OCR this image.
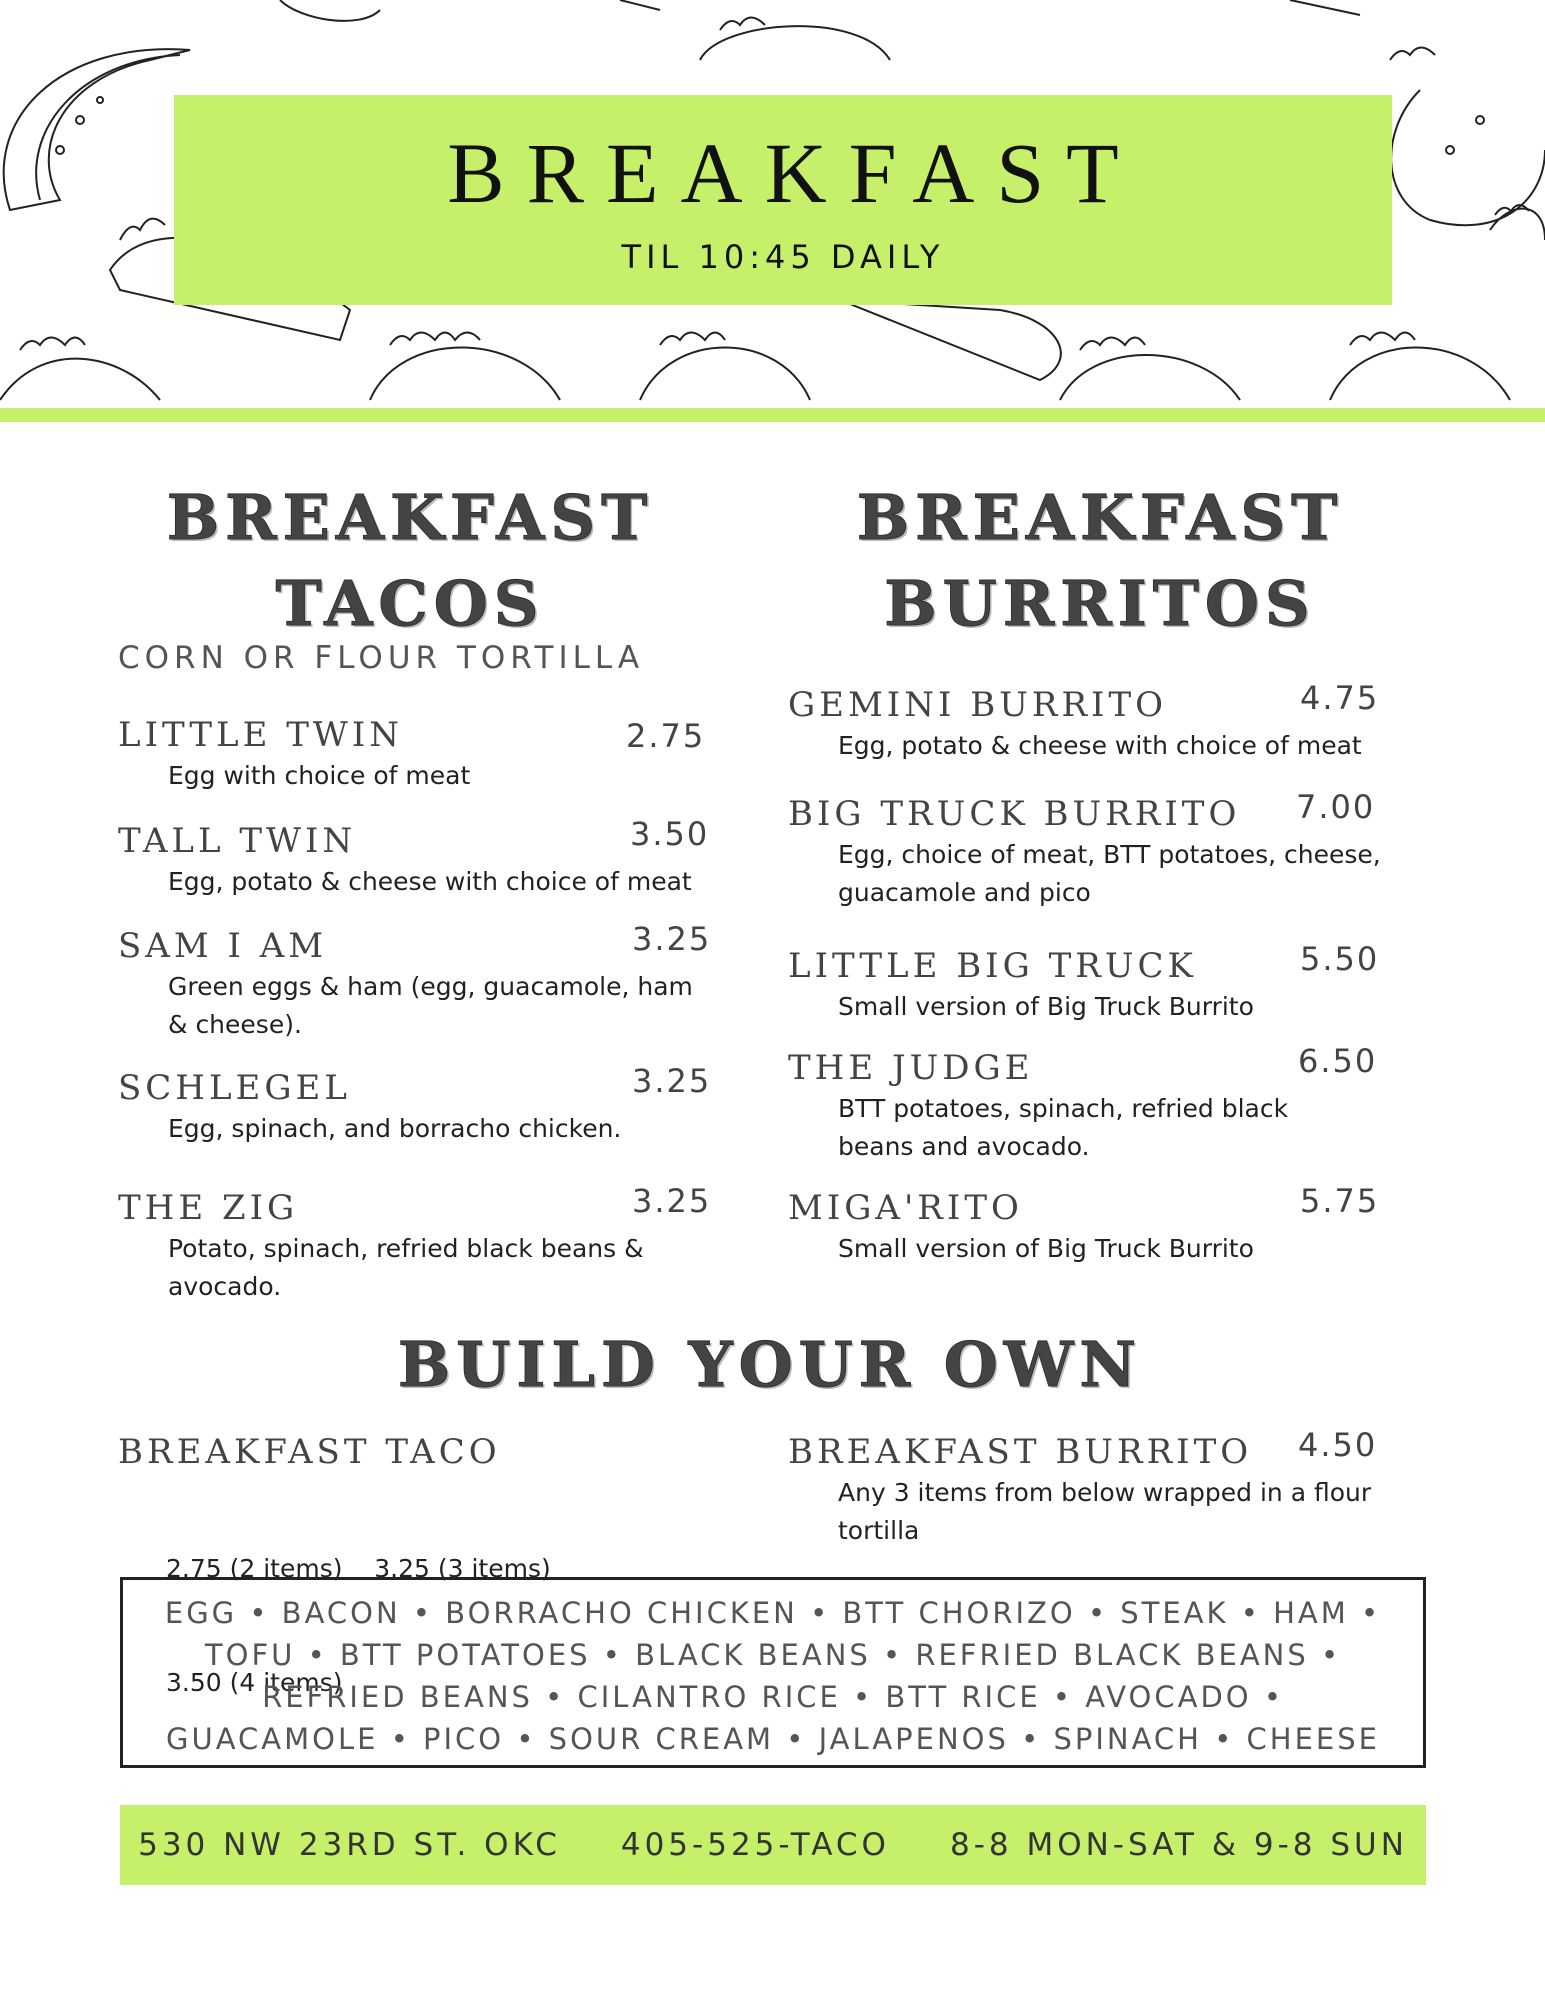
BREAKFAST
TIL 10:45 DAILY
BREAKFAST
TACOS
CORN OR FLOUR TORTILLA
BREAKFAST
BURRITOS
LITTLE TWIN	2.75
Egg with choice of meat
TALL TWIN	3.50
Egg, potato & cheese with choice of meat
SAM I AM	3.25
Green eggs & ham (egg, guacamole, ham
& cheese).
SCHLEGEL	3.25
Egg, spinach, and borracho chicken.
THE ZIG	3.25
Potato, spinach, refried black beans &
avocado.
GEMINI BURRITO	4.75
Egg, potato & cheese with choice of meat
BIG TRUCK BURRITO	7.00
Egg, choice of meat, BTT potatoes, cheese,
guacamole and pico
LITTLE BIG TRUCK	5.50
Small version of Big Truck Burrito
THE JUDGE	6.50
BTT potatoes, spinach, refried black
beans and avocado.
MIGA'RITO	5.75
Small version of Big Truck Burrito
BUILD YOUR OWN
BREAKFAST TACO

2.75 (2 items)    3.25 (3 items)

3.50 (4 items)

BREAKFAST BURRITO	4.50
Any 3 items from below wrapped in a flour
tortilla

EGG • BACON • BORRACHO CHICKEN • BTT CHORIZO • STEAK • HAM •

TOFU • BTT POTATOES • BLACK BEANS • REFRIED BLACK BEANS •

REFRIED BEANS • CILANTRO RICE • BTT RICE • AVOCADO •

GUACAMOLE • PICO • SOUR CREAM • JALAPENOS • SPINACH • CHEESE

530 NW 23RD ST. OKC 405-525-TACO 8-8 MON-SAT & 9-8 SUN
